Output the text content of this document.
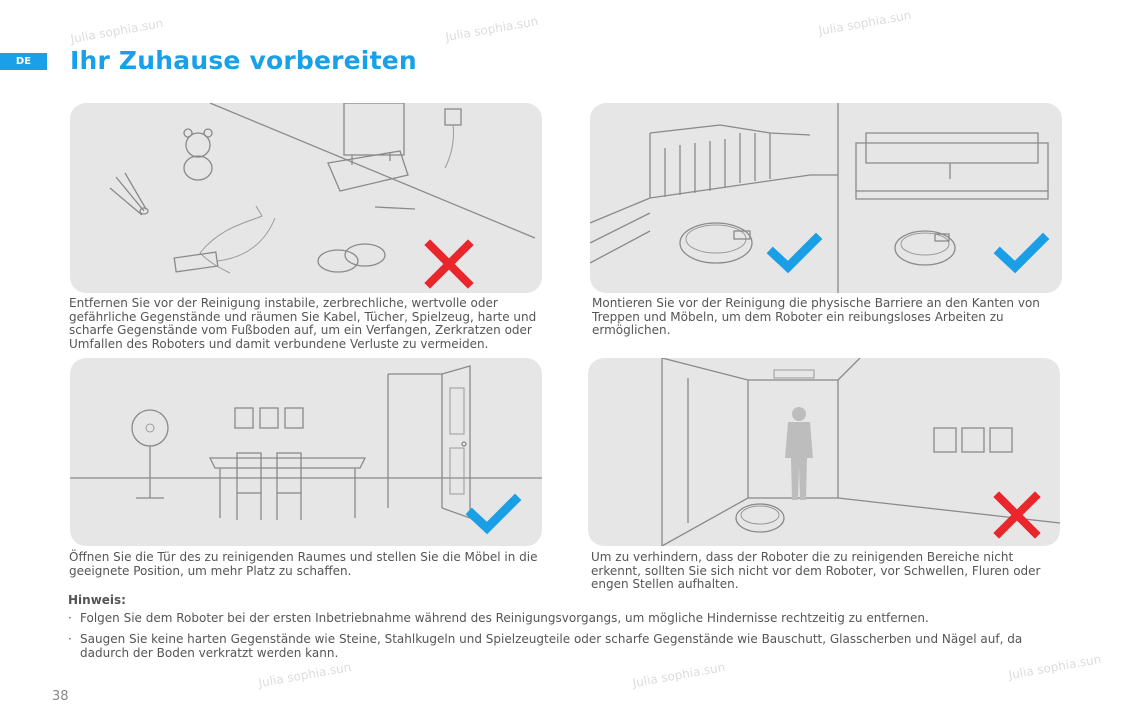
Julia sophia.sun	Julia sophia.sun	Julia sophia.sun
Julia sophia.sun	Julia sophia.sun	Julia sophia.sun
DE	Ihr Zuhause vorbereiten
Entfernen Sie vor der Reinigung instabile, zerbrechliche, wertvolle oder gefährliche Gegenstände und räumen Sie Kabel, Tücher, Spielzeug, harte und scharfe Gegenstände vom Fußboden auf, um ein Verfangen, Zerkratzen oder Umfallen des Roboters und damit verbundene Verluste zu vermeiden.
Montieren Sie vor der Reinigung die physische Barriere an den Kanten von Treppen und Möbeln, um dem Roboter ein reibungsloses Arbeiten zu ermöglichen.
Öffnen Sie die Tür des zu reinigenden Raumes und stellen Sie die Möbel in die geeignete Position, um mehr Platz zu schaffen.
Um zu verhindern, dass der Roboter die zu reinigenden Bereiche nicht erkennt, sollten Sie sich nicht vor dem Roboter, vor Schwellen, Fluren oder engen Stellen aufhalten.
Hinweis:
· Folgen Sie dem Roboter bei der ersten Inbetriebnahme während des Reinigungsvorgangs, um mögliche Hindernisse rechtzeitig zu entfernen.
· Saugen Sie keine harten Gegenstände wie Steine, Stahlkugeln und Spielzeugteile oder scharfe Gegenstände wie Bauschutt, Glasscherben und Nägel auf, da dadurch der Boden verkratzt werden kann.
38
